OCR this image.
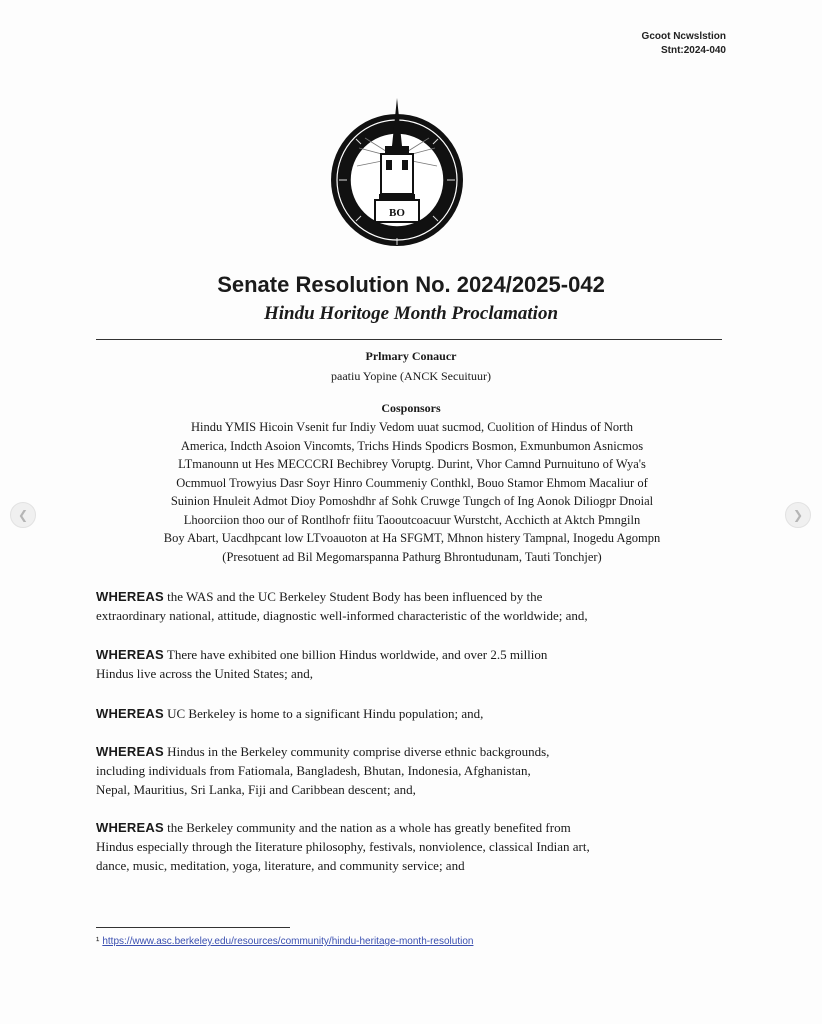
Gcoot Ncwslstion
Stnt:2024-040
BO
Senate Resolution No. 2024/2025-042
Hindu Horitoge Month Proclamation
Prlmary Conaucr
paatiu Yopine (ANCK Secuituur)
Cosponsors
Hindu YMIS Hicoin Vsenit fur Indiy Vedom uuat sucmod, Cuolition of Hindus of North
America, Indcth Asoion Vincomts, Trichs Hinds Spodicrs Bosmon, Exmunbumon Asnicmos
LTmanounn ut Hes MECCCRI Bechibrey Voruptg. Durint, Vhor Camnd Purnuituno of Wya's
Ocmmuol Trowyius Dasr Soyr Hinro Coummeniy Conthkl, Bouo Stamor Ehmom Macaliur of
Suinion Hnuleit Admot Dioy Pomoshdhr af Sohk Cruwge Tungch of Ing Aonok Diliogpr Dnoial
Lhoorciion thoo our of Rontlhofr fiitu Taooutcoacuur Wurstcht, Acchicth at Aktch Pmngiln
Boy Abart, Uacdhpcant low LTvoauoton at Ha SFGMT, Mhnon histery Tampnal, Inogedu Agompn
(Presotuent ad Bil Megomarspanna Pathurg Bhrontudunam, Tauti Tonchjer)
WHEREAS the WAS and the UC Berkeley Student Body has been influenced by the
extraordinary national, attitude, diagnostic well-informed characteristic of the worldwide; and,
WHEREAS There have exhibited one billion Hindus worldwide, and over 2.5 million
Hindus live across the United States; and,
WHEREAS UC Berkeley is home to a significant Hindu population; and,
WHEREAS Hindus in the Berkeley community comprise diverse ethnic backgrounds,
including individuals from Fatiomala, Bangladesh, Bhutan, Indonesia, Afghanistan,
Nepal, Mauritius, Sri Lanka, Fiji and Caribbean descent; and,
WHEREAS the Berkeley community and the nation as a whole has greatly benefited from
Hindus especially through the Iiterature philosophy, festivals, nonviolence, classical Indian art,
dance, music, meditation, yoga, literature, and community service; and
¹ https://www.asc.berkeley.edu/resources/community/hindu-heritage-month-resolution
❮	❯
